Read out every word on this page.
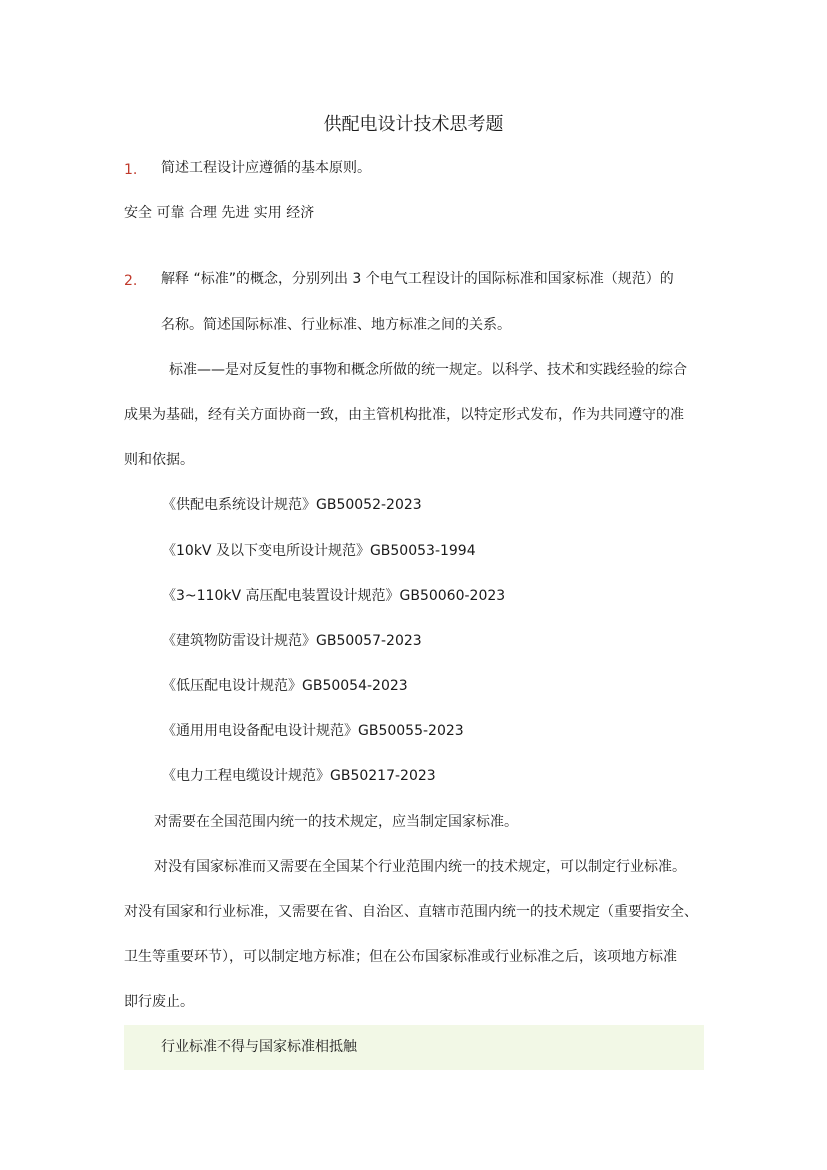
供配电设计技术思考题
1. 简述工程设计应遵循的基本原则。
安全 可靠 合理 先进 实用 经济
2. 解释 “标准”的概念，分别列出 3 个电气工程设计的国际标准和国家标准（规范）的
名称。简述国际标准、行业标准、地方标准之间的关系。
标准——是对反复性的事物和概念所做的统一规定。以科学、技术和实践经验的综合
成果为基础，经有关方面协商一致，由主管机构批准，以特定形式发布，作为共同遵守的准
则和依据。
《供配电系统设计规范》GB50052-2023
《10kV 及以下变电所设计规范》GB50053-1994
《3~110kV 高压配电装置设计规范》GB50060-2023
《建筑物防雷设计规范》GB50057-2023
《低压配电设计规范》GB50054-2023
《通用用电设备配电设计规范》GB50055-2023
《电力工程电缆设计规范》GB50217-2023
对需要在全国范围内统一的技术规定，应当制定国家标准。
对没有国家标准而又需要在全国某个行业范围内统一的技术规定，可以制定行业标准。
对没有国家和行业标准，又需要在省、自治区、直辖市范围内统一的技术规定（重要指安全、
卫生等重要环节），可以制定地方标准；但在公布国家标准或行业标准之后，该项地方标准
即行废止。
行业标准不得与国家标准相抵触
